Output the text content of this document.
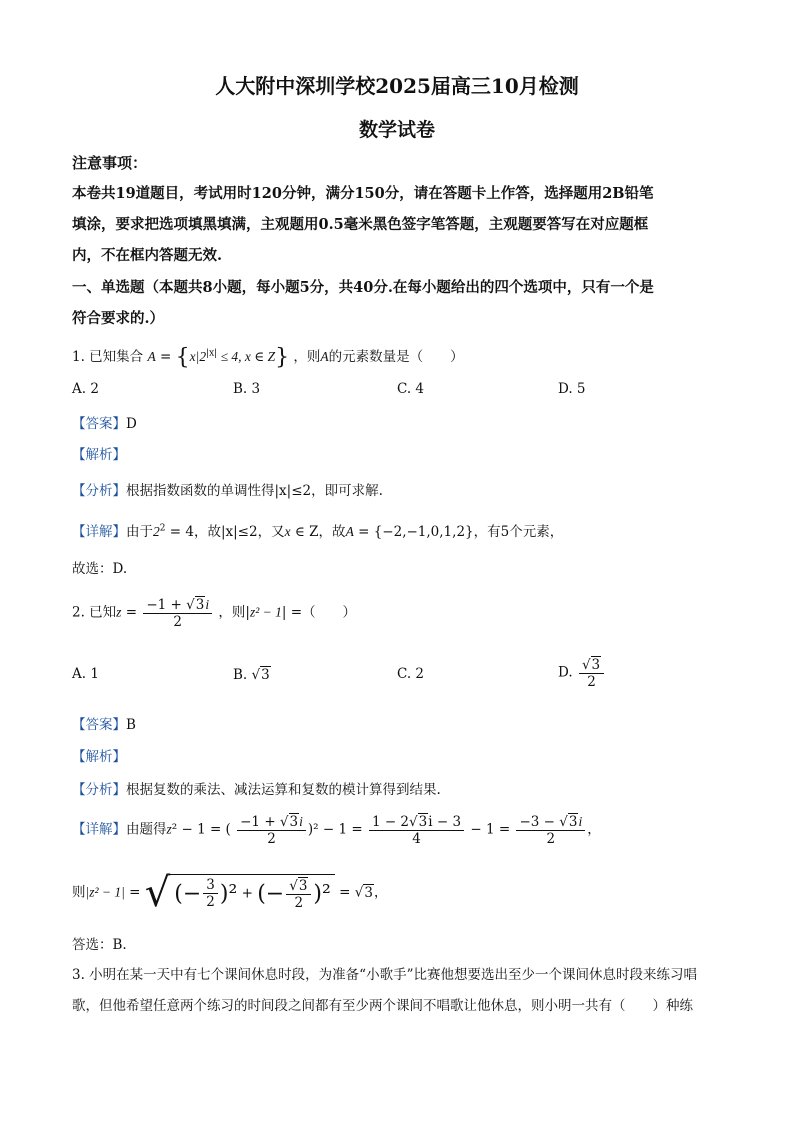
人大附中深圳学校2025届高三10月检测
数学试卷
注意事项：
本卷共19道题目，考试用时120分钟，满分150分，请在答题卡上作答，选择题用2B铅笔
填涂，要求把选项填黑填满，主观题用0.5毫米黑色签字笔答题，主观题要答写在对应题框
内，不在框内答题无效.
一、单选题（本题共8小题，每小题5分，共40分.在每小题给出的四个选项中，只有一个是
符合要求的.）
1. 已知集合 $A = \{x|2^{|x|} \le 4$, x ∈ Z} ，则A的元素数量是（　　）
A. 2	B. 3	C. 4	D. 5
【答案】D
【解析】
【分析】根据指数函数的单调性得|x|≤2，即可求解.
【详解】由于$2^2 = 4$，故|x|≤2，又x ∈ Z，故A = {−2,−1,0,1,2}，有5个元素，
故选：D.
2. 已知$z = \frac{-1 + √3i}{2}$ ，则|z² − 1| =（　　）
A. 1	B. √3	C. 2	D. $\frac{√3}{2}$
【答案】B
【解析】
【分析】根据复数的乘法、减法运算和复数的模计算得到结果.
【详解】由题得z² − 1 = ( $\frac{-1 + √3i}{2} )^2 - 1 = \frac{1 - 2√3i - 3}{4} - 1 = \frac{-3 - √3i}{2}$ ，
则|z² − 1| = √ (− $\frac{3}{2} )^2$ + (− $\frac{√3}{2} )^2 = √3$，
答选：B.
3. 小明在某一天中有七个课间休息时段，为准备“小歌手”比赛他想要选出至少一个课间休息时段来练习唱
歌，但他希望任意两个练习的时间段之间都有至少两个课间不唱歌让他休息，则小明一共有（　　）种练
